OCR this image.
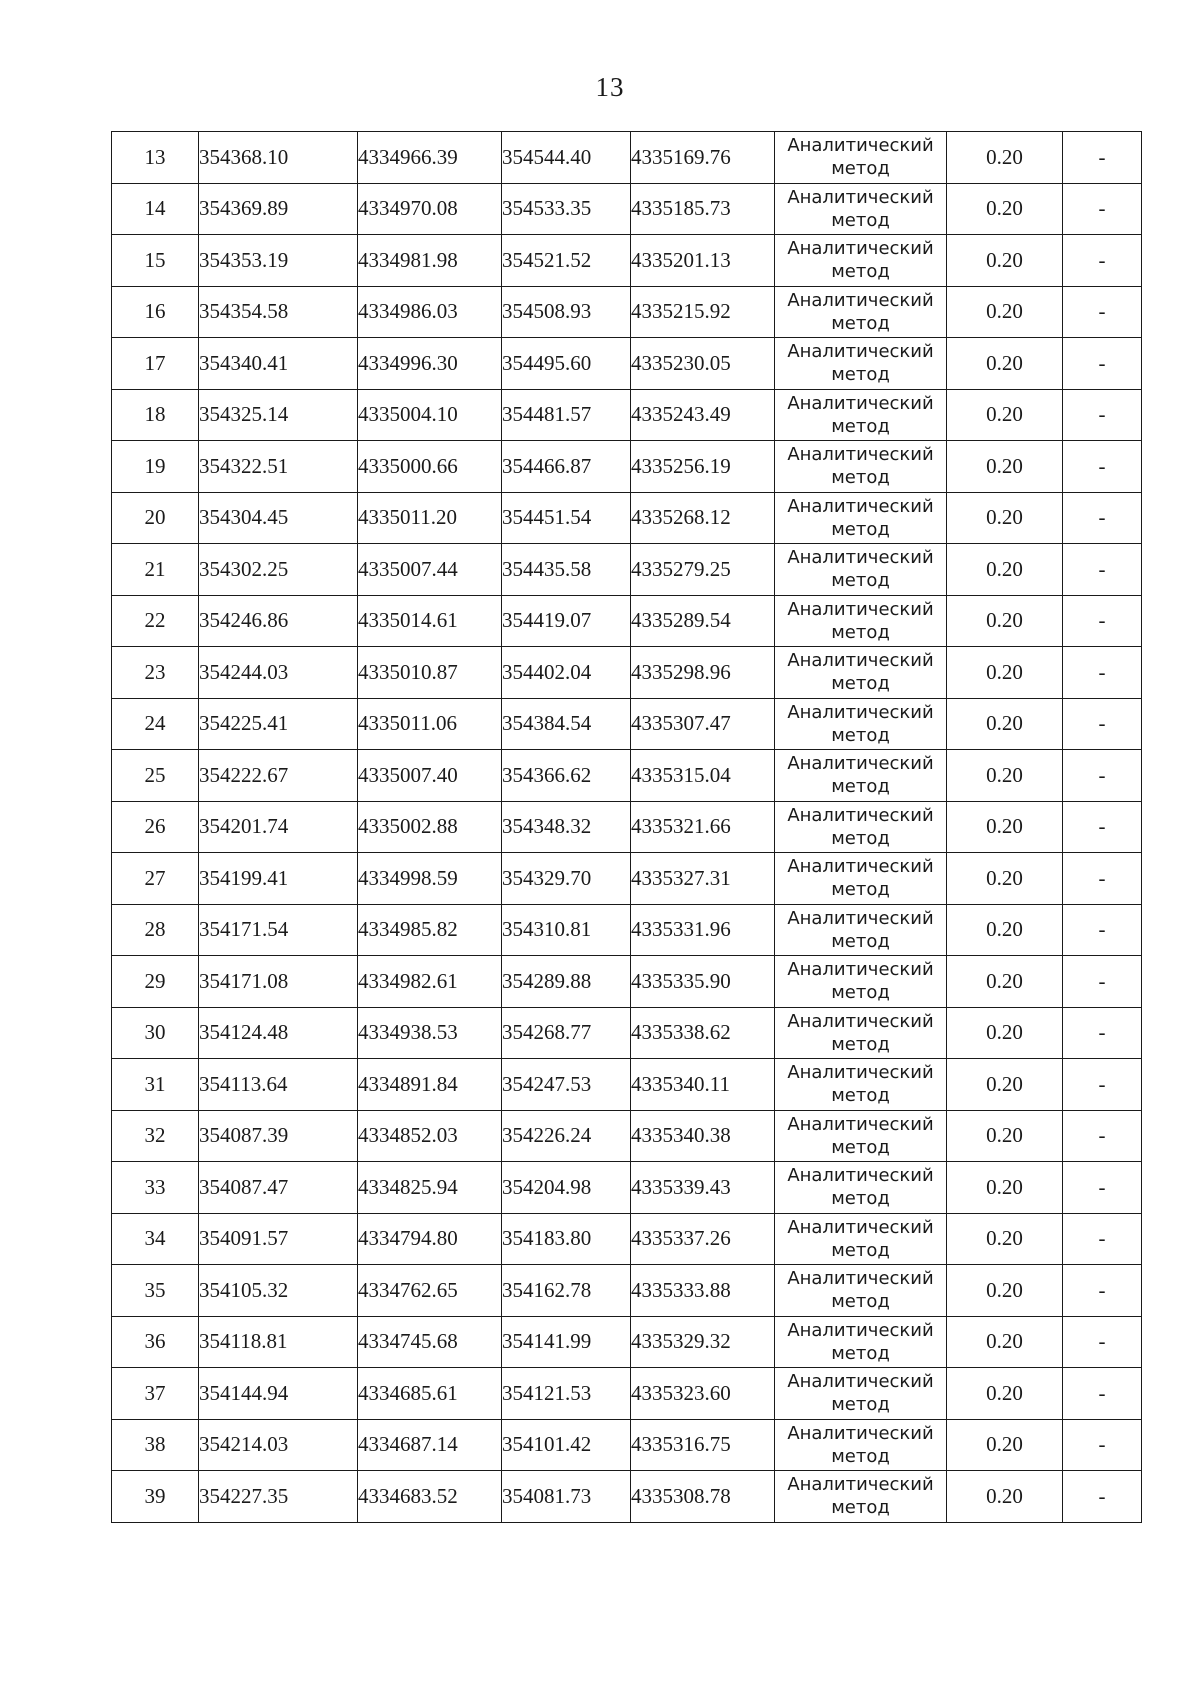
13
13	354368.10	4334966.39	354544.40	4335169.76	Аналитический
метод	0.20	-
14	354369.89	4334970.08	354533.35	4335185.73	Аналитический
метод	0.20	-
15	354353.19	4334981.98	354521.52	4335201.13	Аналитический
метод	0.20	-
16	354354.58	4334986.03	354508.93	4335215.92	Аналитический
метод	0.20	-
17	354340.41	4334996.30	354495.60	4335230.05	Аналитический
метод	0.20	-
18	354325.14	4335004.10	354481.57	4335243.49	Аналитический
метод	0.20	-
19	354322.51	4335000.66	354466.87	4335256.19	Аналитический
метод	0.20	-
20	354304.45	4335011.20	354451.54	4335268.12	Аналитический
метод	0.20	-
21	354302.25	4335007.44	354435.58	4335279.25	Аналитический
метод	0.20	-
22	354246.86	4335014.61	354419.07	4335289.54	Аналитический
метод	0.20	-
23	354244.03	4335010.87	354402.04	4335298.96	Аналитический
метод	0.20	-
24	354225.41	4335011.06	354384.54	4335307.47	Аналитический
метод	0.20	-
25	354222.67	4335007.40	354366.62	4335315.04	Аналитический
метод	0.20	-
26	354201.74	4335002.88	354348.32	4335321.66	Аналитический
метод	0.20	-
27	354199.41	4334998.59	354329.70	4335327.31	Аналитический
метод	0.20	-
28	354171.54	4334985.82	354310.81	4335331.96	Аналитический
метод	0.20	-
29	354171.08	4334982.61	354289.88	4335335.90	Аналитический
метод	0.20	-
30	354124.48	4334938.53	354268.77	4335338.62	Аналитический
метод	0.20	-
31	354113.64	4334891.84	354247.53	4335340.11	Аналитический
метод	0.20	-
32	354087.39	4334852.03	354226.24	4335340.38	Аналитический
метод	0.20	-
33	354087.47	4334825.94	354204.98	4335339.43	Аналитический
метод	0.20	-
34	354091.57	4334794.80	354183.80	4335337.26	Аналитический
метод	0.20	-
35	354105.32	4334762.65	354162.78	4335333.88	Аналитический
метод	0.20	-
36	354118.81	4334745.68	354141.99	4335329.32	Аналитический
метод	0.20	-
37	354144.94	4334685.61	354121.53	4335323.60	Аналитический
метод	0.20	-
38	354214.03	4334687.14	354101.42	4335316.75	Аналитический
метод	0.20	-
39	354227.35	4334683.52	354081.73	4335308.78	Аналитический
метод	0.20	-
